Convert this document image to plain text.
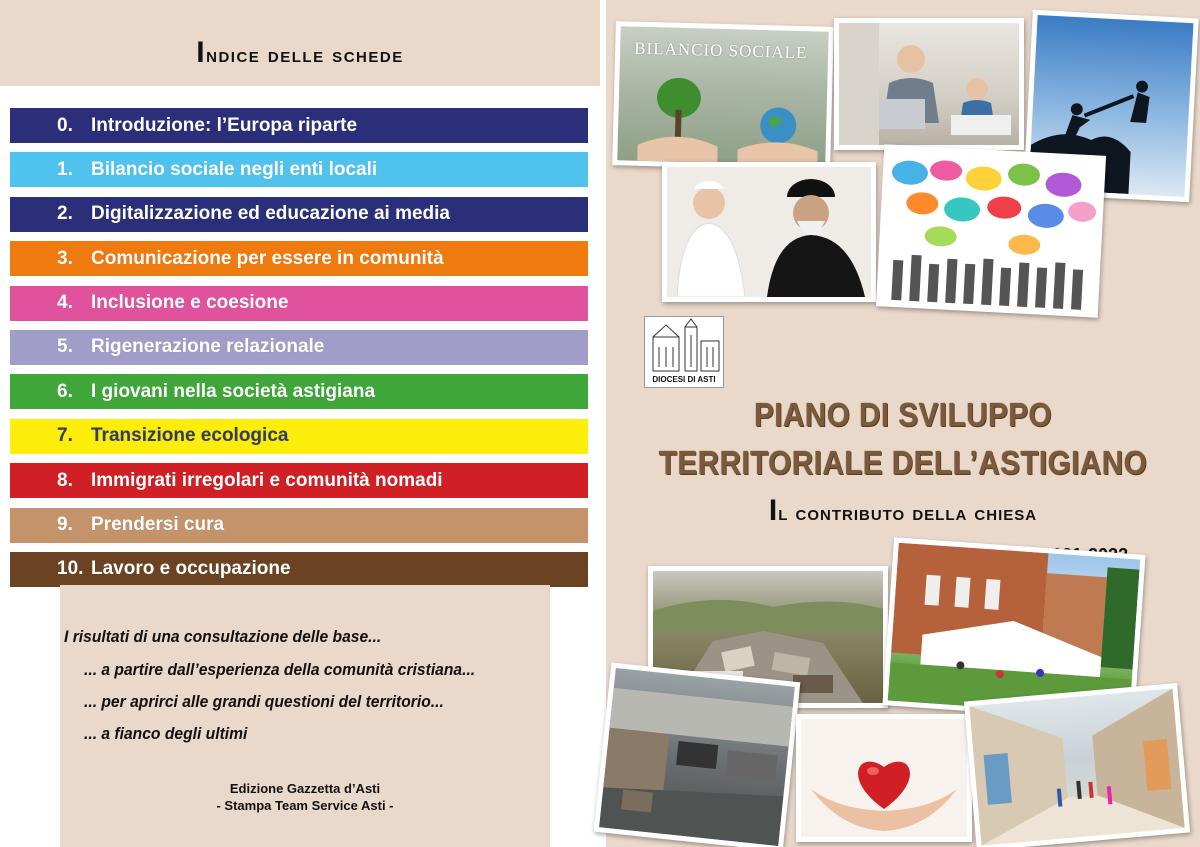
Indice delle schede
0. Introduzione: l’Europa riparte
1. Bilancio sociale negli enti locali
2. Digitalizzazione ed educazione ai media
3. Comunicazione per essere in comunità
4. Inclusione e coesione
5. Rigenerazione relazionale
6. I giovani nella società astigiana
7. Transizione ecologica
8. Immigrati irregolari e comunità nomadi
9. Prendersi cura
10. Lavoro e occupazione
I risultati di una consultazione delle base...
... a partire dall’esperienza della comunità cristiana...
... per aprirci alle grandi questioni del territorio...
... a fianco degli ultimi
Edizione Gazzetta d’Asti
- Stampa Team Service Asti -
BILANCIO SOCIALE
DIOCESI DI ASTI
PIANO DI SVILUPPO
TERRITORIALE DELL’ASTIGIANO
Il contributo della chiesa
